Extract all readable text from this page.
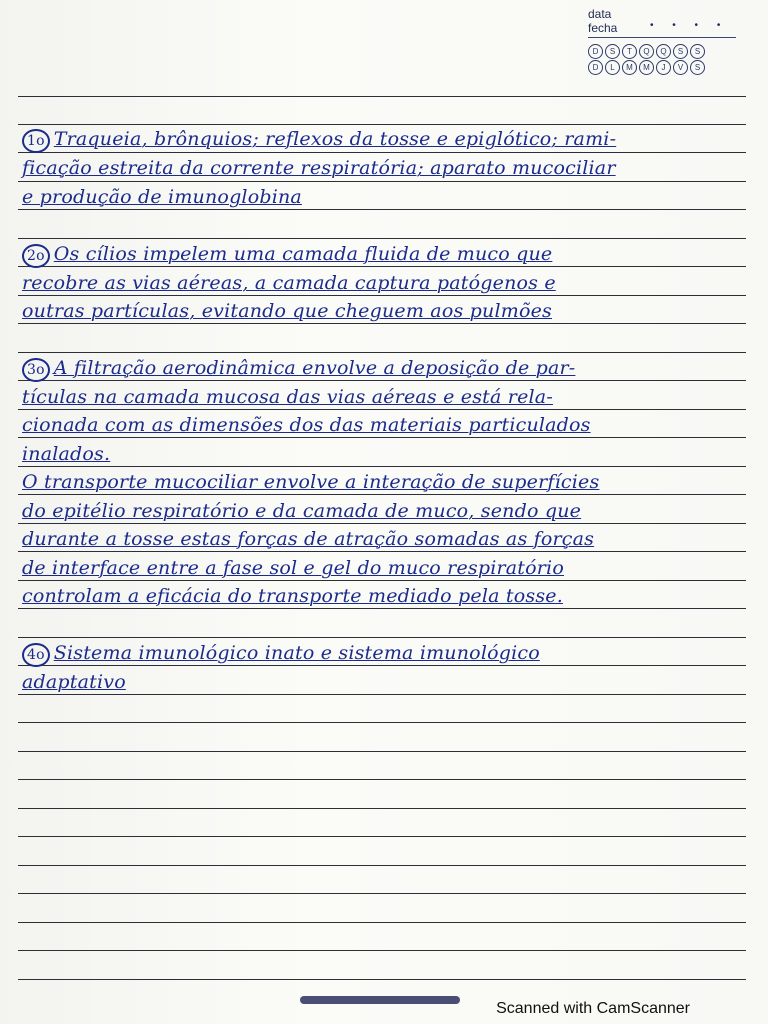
data
fecha	• • • •
D	S	T	Q	Q	S	S
D	L	M	M	J	V	S
1o Traqueia, brônquios; reflexos da tosse e epiglótico; rami-
ficação estreita da corrente respiratória; aparato mucociliar
e produção de imunoglobina
2o Os cílios impelem uma camada fluida de muco que
recobre as vias aéreas, a camada captura patógenos e
outras partículas, evitando que cheguem aos pulmões
3o A filtração aerodinâmica envolve a deposição de par-
tículas na camada mucosa das vias aéreas e está rela-
cionada com as dimensões dos das materiais particulados
inalados.
O transporte mucociliar envolve a interação de superfícies
do epitélio respiratório e da camada de muco, sendo que
durante a tosse estas forças de atração somadas as forças
de interface entre a fase sol e gel do muco respiratório
controlam a eficácia do transporte mediado pela tosse.
4o Sistema imunológico inato e sistema imunológico
adaptativo
Scanned with CamScanner
